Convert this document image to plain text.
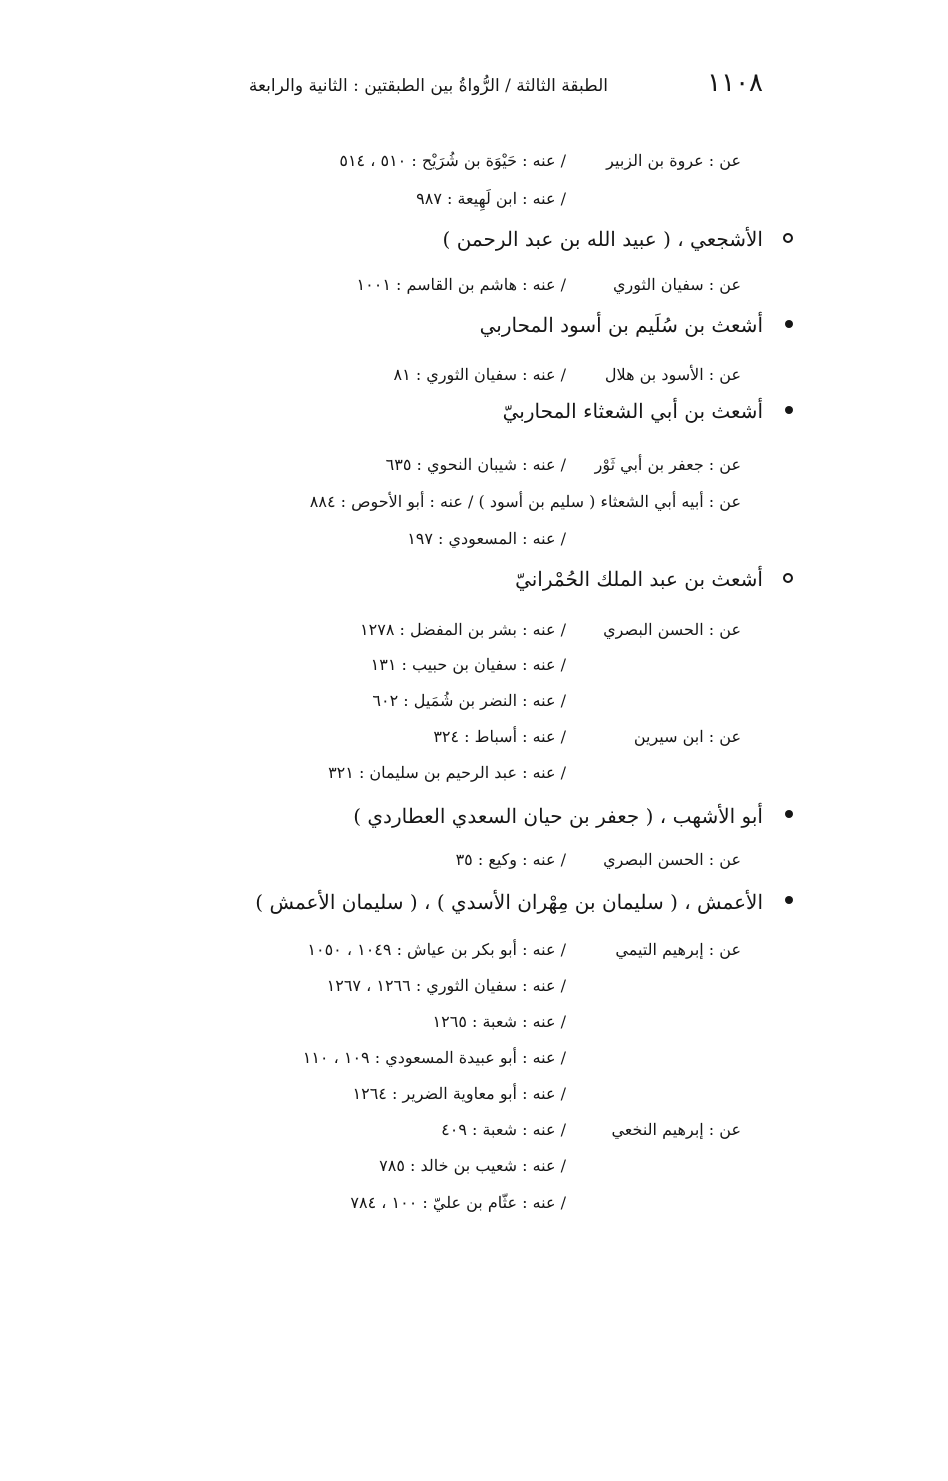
١١٠٨
الطبقة الثالثة / الرُّواةُ بين الطبقتين : الثانية والرابعة
عن : عروة بن الزبير
/ عنه : حَيْوَة بن شُرَيْح : ٥١٠ ، ٥١٤
/ عنه : ابن لَهِيعة : ٩٨٧
الأشجعي ، ( عبيد الله بن عبد الرحمن )
عن : سفيان الثوري
/ عنه : هاشم بن القاسم : ١٠٠١
أشعث بن سُلَيم بن أسود المحاربي
عن : الأسود بن هلال
/ عنه : سفيان الثوري : ٨١
أشعث بن أبي الشعثاء المحاربيّ
عن : جعفر بن أبي ثَوْر
/ عنه : شيبان النحوي : ٦٣٥
عن : أبيه أبي الشعثاء ( سليم بن أسود ) / عنه : أبو الأحوص : ٨٨٤
/ عنه : المسعودي : ١٩٧
أشعث بن عبد الملك الحُمْرانيّ
عن : الحسن البصري
/ عنه : بشر بن المفضل : ١٢٧٨
/ عنه : سفيان بن حبيب : ١٣١
/ عنه : النضر بن شُمَيل : ٦٠٢
عن : ابن سيرين
/ عنه : أسباط : ٣٢٤
/ عنه : عبد الرحيم بن سليمان : ٣٢١
أبو الأشهب ، ( جعفر بن حيان السعدي العطاردي )
عن : الحسن البصري
/ عنه : وكيع : ٣٥
الأعمش ، ( سليمان بن مِهْران الأسدي ) ، ( سليمان الأعمش )
عن : إبرهيم التيمي
/ عنه : أبو بكر بن عياش : ١٠٤٩ ، ١٠٥٠
/ عنه : سفيان الثوري : ١٢٦٦ ، ١٢٦٧
/ عنه : شعبة : ١٢٦٥
/ عنه : أبو عبيدة المسعودي : ١٠٩ ، ١١٠
/ عنه : أبو معاوية الضرير : ١٢٦٤
عن : إبرهيم النخعي
/ عنه : شعبة : ٤٠٩
/ عنه : شعيب بن خالد : ٧٨٥
/ عنه : عثّام بن عليّ : ١٠٠ ، ٧٨٤
